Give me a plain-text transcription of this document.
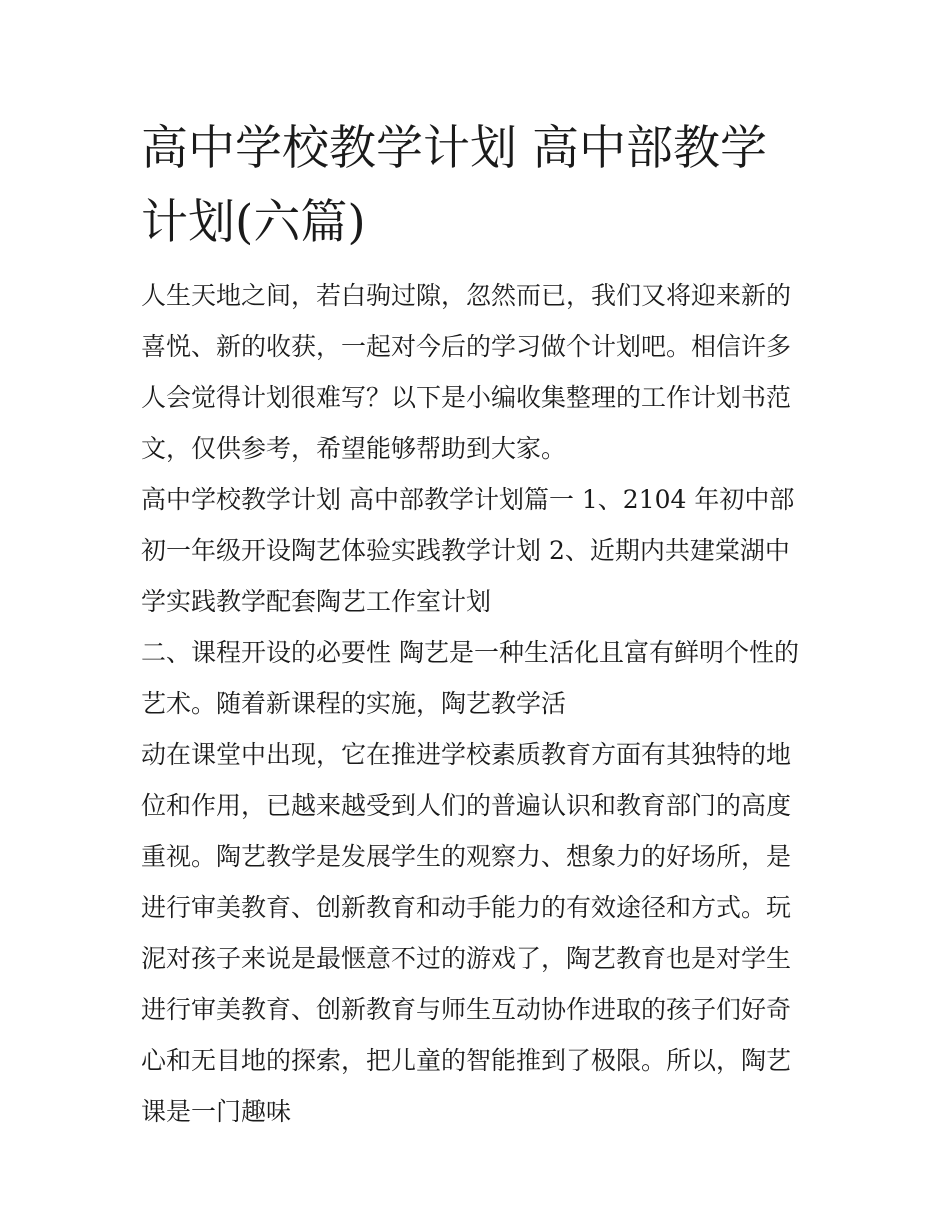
高中学校教学计划 高中部教学计划(六篇)

人生天地之间，若白驹过隙，忽然而已，我们又将迎来新的喜悦、新的收获，一起对今后的学习做个计划吧。相信许多人会觉得计划很难写？以下是小编收集整理的工作计划书范文，仅供参考，希望能够帮助到大家。

高中学校教学计划 高中部教学计划篇一 1、2104 年初中部初一年级开设陶艺体验实践教学计划 2、近期内共建棠湖中学实践教学配套陶艺工作室计划

二、课程开设的必要性 陶艺是一种生活化且富有鲜明个性的艺术。随着新课程的实施，陶艺教学活

动在课堂中出现，它在推进学校素质教育方面有其独特的地位和作用，已越来越受到人们的普遍认识和教育部门的高度重视。陶艺教学是发展学生的观察力、想象力的好场所，是进行审美教育、创新教育和动手能力的有效途径和方式。玩泥对孩子来说是最惬意不过的游戏了，陶艺教育也是对学生进行审美教育、创新教育与师生互动协作进取的孩子们好奇心和无目地的探索，把儿童的智能推到了极限。所以，陶艺课是一门趣味
